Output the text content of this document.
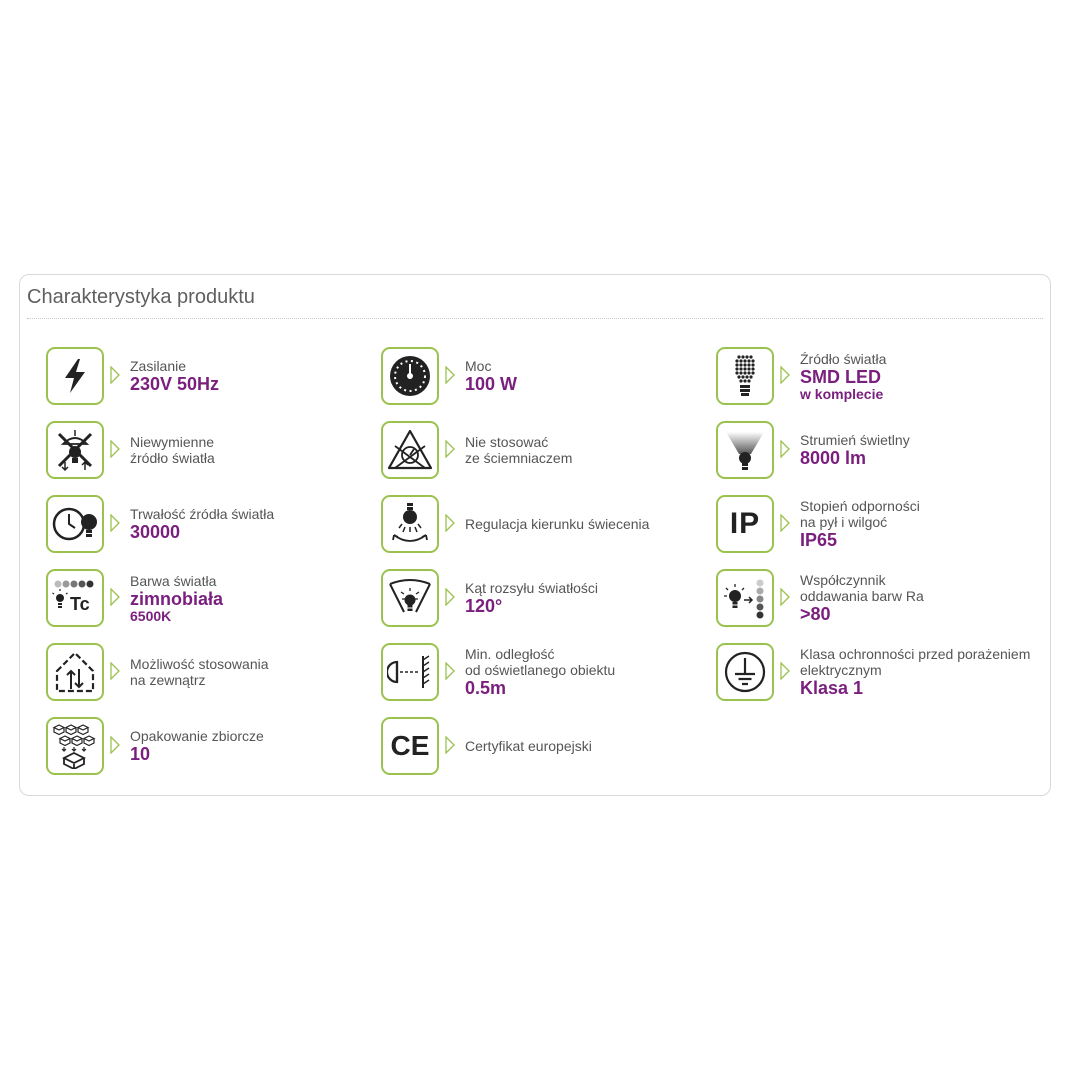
Charakterystyka produktu
Zasilanie
230V 50Hz
Moc
100 W
Źródło światła
SMD LED
w komplecie
Niewymienne
źródło światła
Nie stosować
ze ściemniaczem
Strumień świetlny
8000 lm
Trwałość źródła światła
30000	Regulacja kierunku świecenia	IP
Stopień odporności
na pył i wilgoć
IP65
Tc
Barwa światła
zimnobiała
6500K
Kąt rozsyłu światłości
120°
Współczynnik
oddawania barw Ra
>80
Możliwość stosowania
na zewnątrz
Min. odległość
od oświetlanego obiektu
0.5m
Klasa ochronności przed porażeniem
elektrycznym
Klasa 1
Opakowanie zbiorcze
10	CE	Certyfikat europejski
